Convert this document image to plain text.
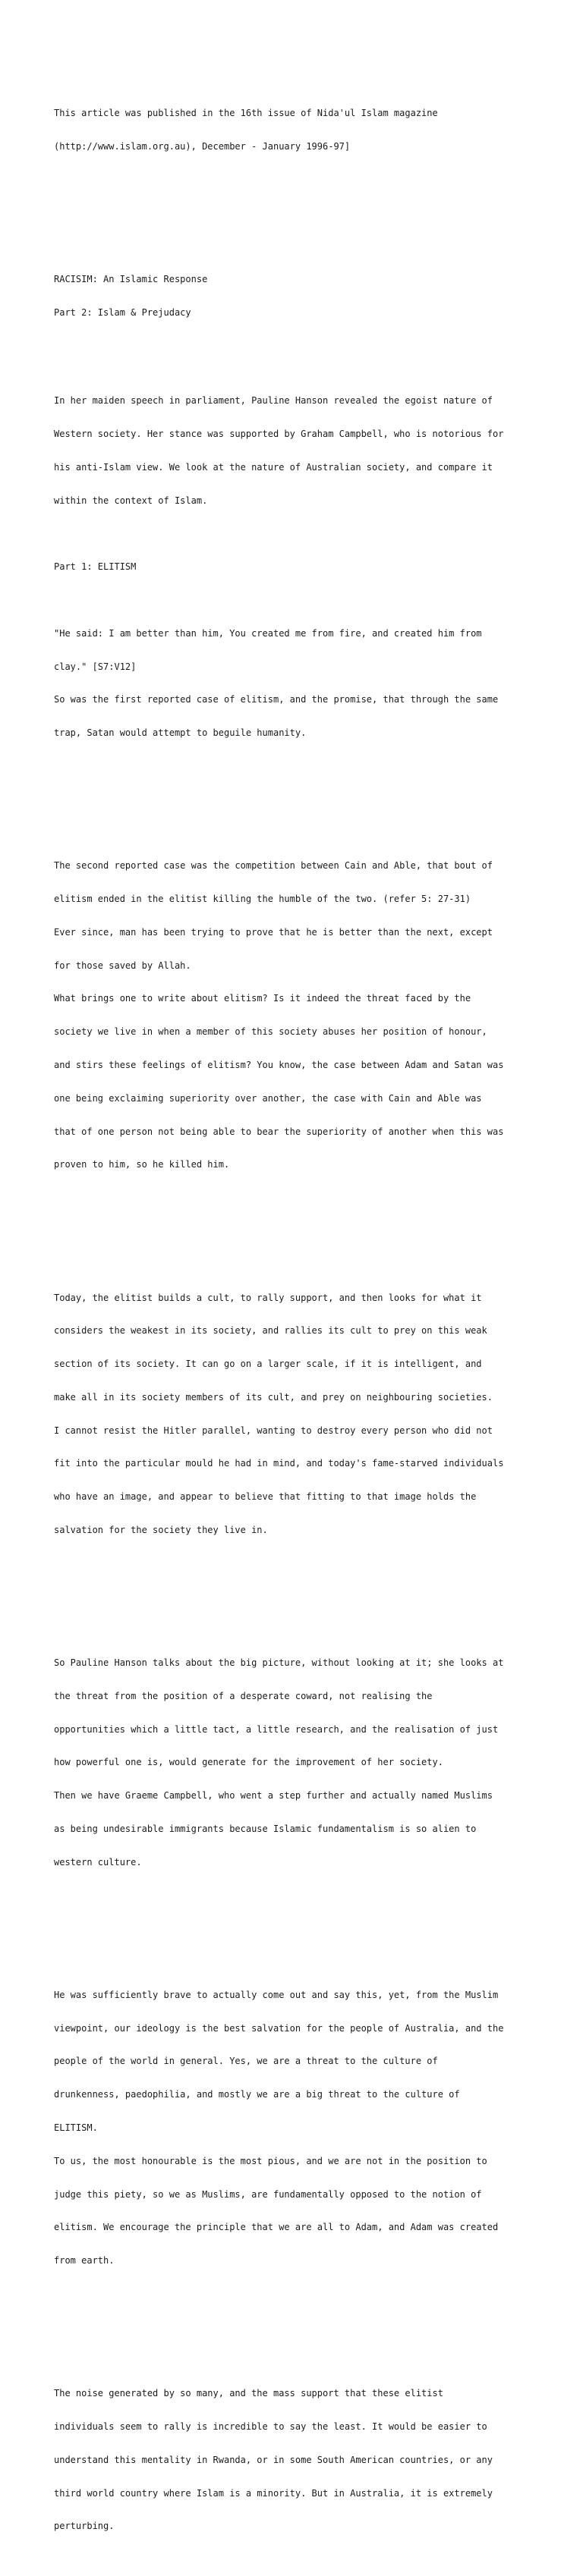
This article was published in the 16th issue of Nida'ul Islam magazine

(http://www.islam.org.au), December - January 1996-97]

RACISIM: An Islamic Response

Part 2: Islam & Prejudacy

In her maiden speech in parliament, Pauline Hanson revealed the egoist nature of

Western society. Her stance was supported by Graham Campbell, who is notorious for

his anti-Islam view. We look at the nature of Australian society, and compare it

within the context of Islam.

Part 1: ELITISM

"He said: I am better than him, You created me from fire, and created him from

clay." [S7:V12]

So was the first reported case of elitism, and the promise, that through the same

trap, Satan would attempt to beguile humanity.

The second reported case was the competition between Cain and Able, that bout of

elitism ended in the elitist killing the humble of the two. (refer 5: 27-31)

Ever since, man has been trying to prove that he is better than the next, except

for those saved by Allah.

What brings one to write about elitism? Is it indeed the threat faced by the

society we live in when a member of this society abuses her position of honour,

and stirs these feelings of elitism? You know, the case between Adam and Satan was

one being exclaiming superiority over another, the case with Cain and Able was

that of one person not being able to bear the superiority of another when this was

proven to him, so he killed him.

Today, the elitist builds a cult, to rally support, and then looks for what it

considers the weakest in its society, and rallies its cult to prey on this weak

section of its society. It can go on a larger scale, if it is intelligent, and

make all in its society members of its cult, and prey on neighbouring societies.

I cannot resist the Hitler parallel, wanting to destroy every person who did not

fit into the particular mould he had in mind, and today's fame-starved individuals

who have an image, and appear to believe that fitting to that image holds the

salvation for the society they live in.

So Pauline Hanson talks about the big picture, without looking at it; she looks at

the threat from the position of a desperate coward, not realising the

opportunities which a little tact, a little research, and the realisation of just

how powerful one is, would generate for the improvement of her society.

Then we have Graeme Campbell, who went a step further and actually named Muslims

as being undesirable immigrants because Islamic fundamentalism is so alien to

western culture.

He was sufficiently brave to actually come out and say this, yet, from the Muslim

viewpoint, our ideology is the best salvation for the people of Australia, and the

people of the world in general. Yes, we are a threat to the culture of

drunkenness, paedophilia, and mostly we are a big threat to the culture of

ELITISM.

To us, the most honourable is the most pious, and we are not in the position to

judge this piety, so we as Muslims, are fundamentally opposed to the notion of

elitism. We encourage the principle that we are all to Adam, and Adam was created

from earth.

The noise generated by so many, and the mass support that these elitist

individuals seem to rally is incredible to say the least. It would be easier to

understand this mentality in Rwanda, or in some South American countries, or any

third world country where Islam is a minority. But in Australia, it is extremely

perturbing.
